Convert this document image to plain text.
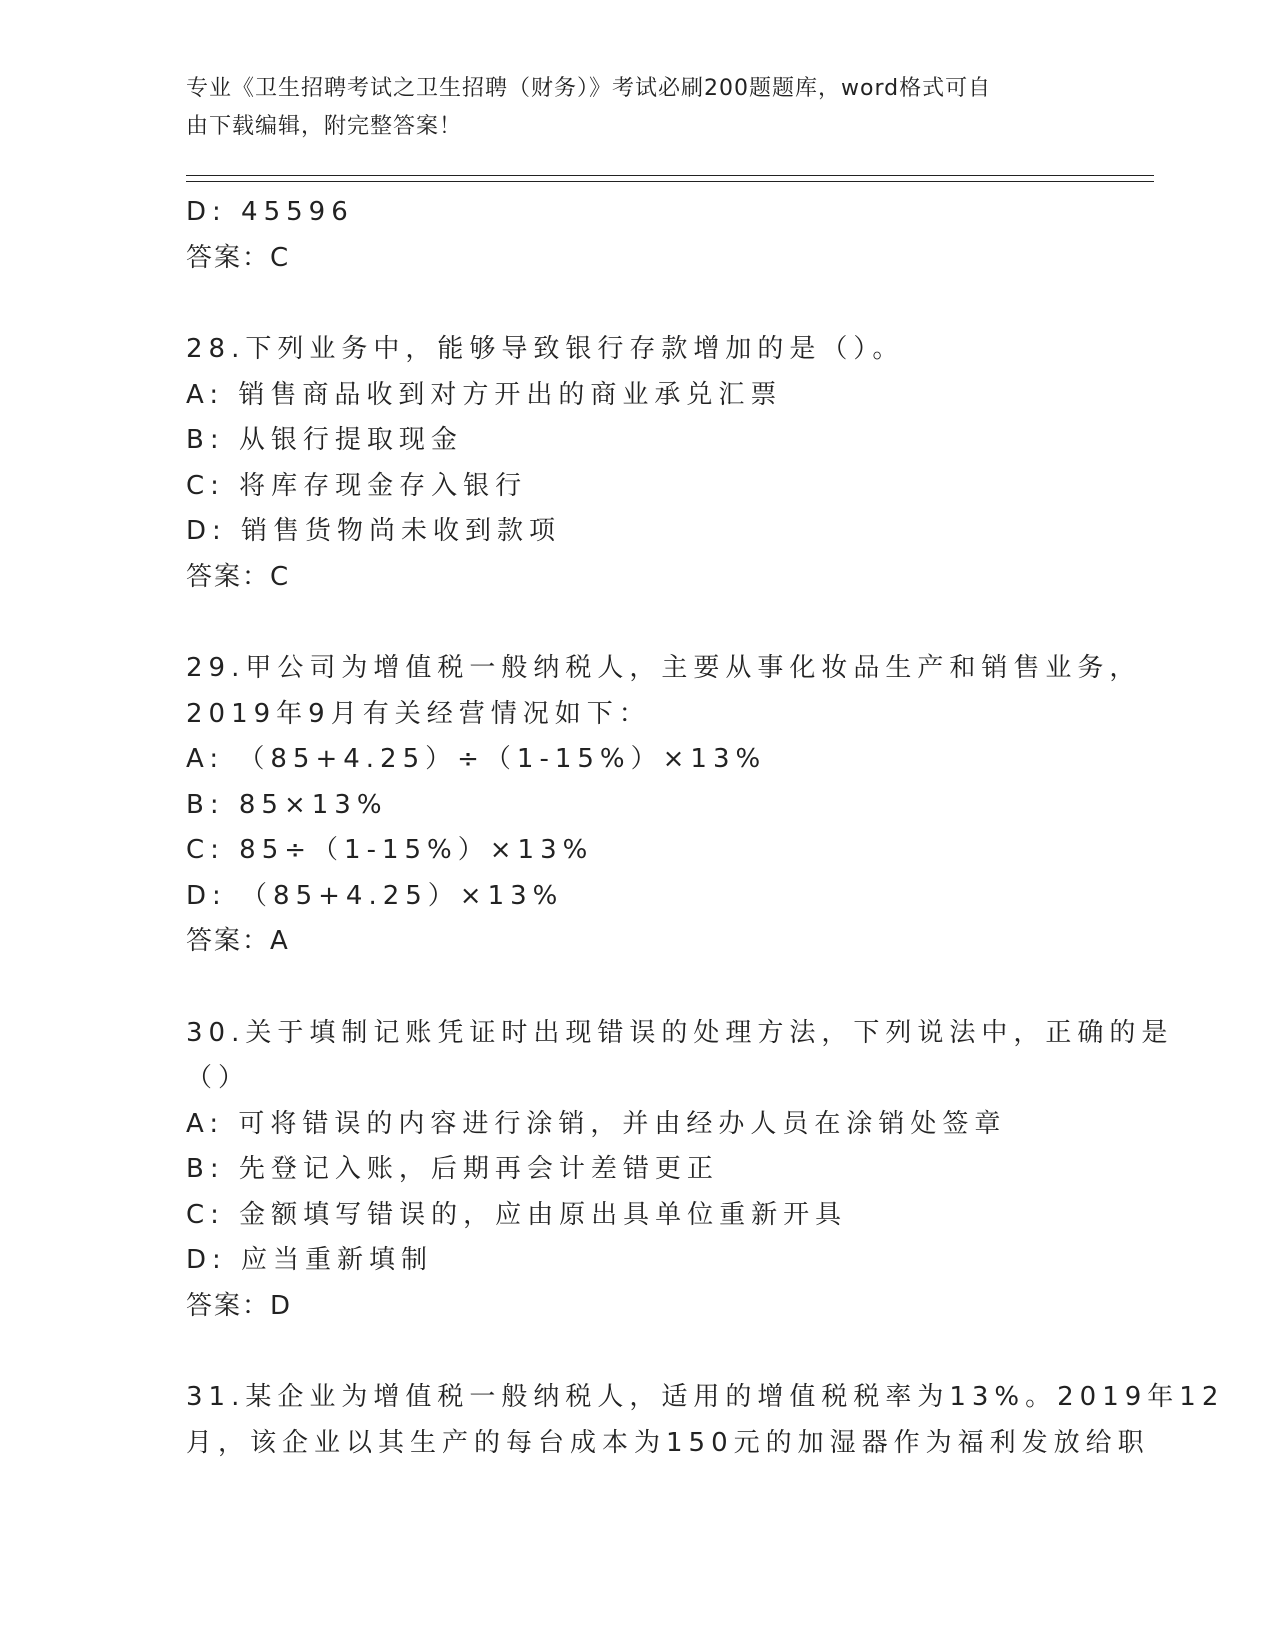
专业《卫生招聘考试之卫生招聘（财务）》考试必刷200题题库，word格式可自
由下载编辑，附完整答案！
D: 45596
答案：C
28.下列业务中，能够导致银行存款增加的是（）。
A: 销售商品收到对方开出的商业承兑汇票
B: 从银行提取现金
C: 将库存现金存入银行
D: 销售货物尚未收到款项
答案：C
29.甲公司为增值税一般纳税人，主要从事化妆品生产和销售业务，
2019年9月有关经营情况如下：
A: （85+4.25）÷（1-15%）×13%
B: 85×13%
C: 85÷（1-15%）×13%
D: （85+4.25）×13%
答案：A
30.关于填制记账凭证时出现错误的处理方法，下列说法中，正确的是
（）
A: 可将错误的内容进行涂销，并由经办人员在涂销处签章
B: 先登记入账，后期再会计差错更正
C: 金额填写错误的，应由原出具单位重新开具
D: 应当重新填制
答案：D
31.某企业为增值税一般纳税人，适用的增值税税率为13%。2019年12
月，该企业以其生产的每台成本为150元的加湿器作为福利发放给职
